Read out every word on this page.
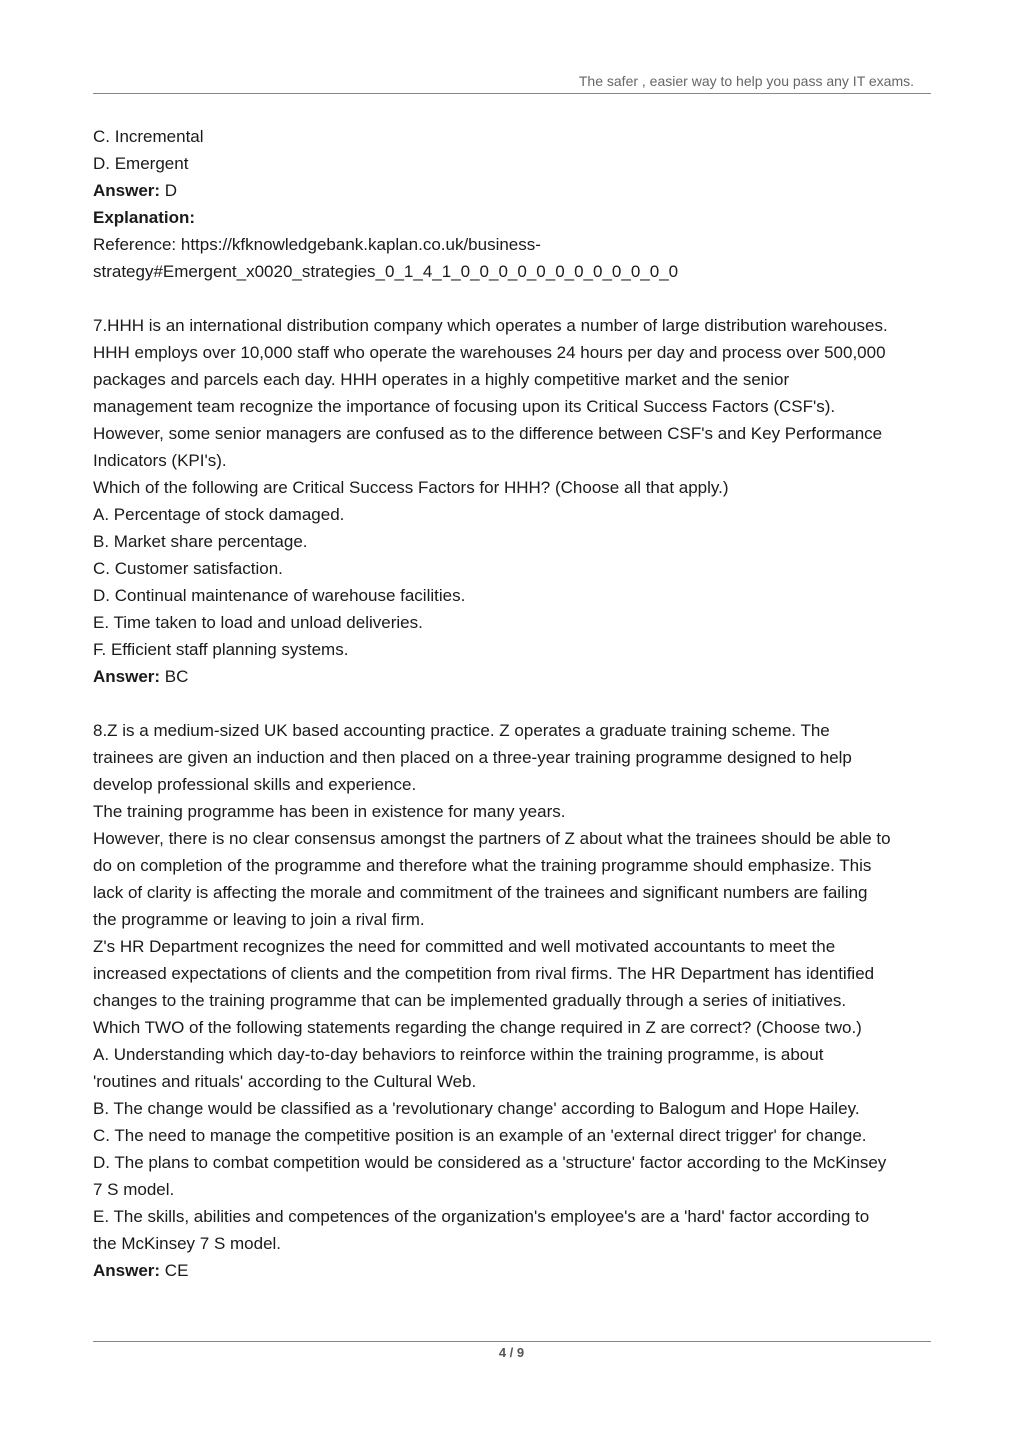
The safer , easier way to help you pass any IT exams.
C. Incremental
D. Emergent
Answer: D
Explanation:
Reference: https://kfknowledgebank.kaplan.co.uk/business-
strategy#Emergent_x0020_strategies_0_1_4_1_0_0_0_0_0_0_0_0_0_0_0_0
7.HHH is an international distribution company which operates a number of large distribution warehouses.
HHH employs over 10,000 staff who operate the warehouses 24 hours per day and process over 500,000
packages and parcels each day. HHH operates in a highly competitive market and the senior
management team recognize the importance of focusing upon its Critical Success Factors (CSF's).
However, some senior managers are confused as to the difference between CSF's and Key Performance
Indicators (KPI's).
Which of the following are Critical Success Factors for HHH? (Choose all that apply.)
A. Percentage of stock damaged.
B. Market share percentage.
C. Customer satisfaction.
D. Continual maintenance of warehouse facilities.
E. Time taken to load and unload deliveries.
F. Efficient staff planning systems.
Answer: BC
8.Z is a medium-sized UK based accounting practice. Z operates a graduate training scheme. The
trainees are given an induction and then placed on a three-year training programme designed to help
develop professional skills and experience.
The training programme has been in existence for many years.
However, there is no clear consensus amongst the partners of Z about what the trainees should be able to
do on completion of the programme and therefore what the training programme should emphasize. This
lack of clarity is affecting the morale and commitment of the trainees and significant numbers are failing
the programme or leaving to join a rival firm.
Z's HR Department recognizes the need for committed and well motivated accountants to meet the
increased expectations of clients and the competition from rival firms. The HR Department has identified
changes to the training programme that can be implemented gradually through a series of initiatives.
Which TWO of the following statements regarding the change required in Z are correct? (Choose two.)
A. Understanding which day-to-day behaviors to reinforce within the training programme, is about
'routines and rituals' according to the Cultural Web.
B. The change would be classified as a 'revolutionary change' according to Balogum and Hope Hailey.
C. The need to manage the competitive position is an example of an 'external direct trigger' for change.
D. The plans to combat competition would be considered as a 'structure' factor according to the McKinsey
7 S model.
E. The skills, abilities and competences of the organization's employee's are a 'hard' factor according to
the McKinsey 7 S model.
Answer: CE
4 / 9
